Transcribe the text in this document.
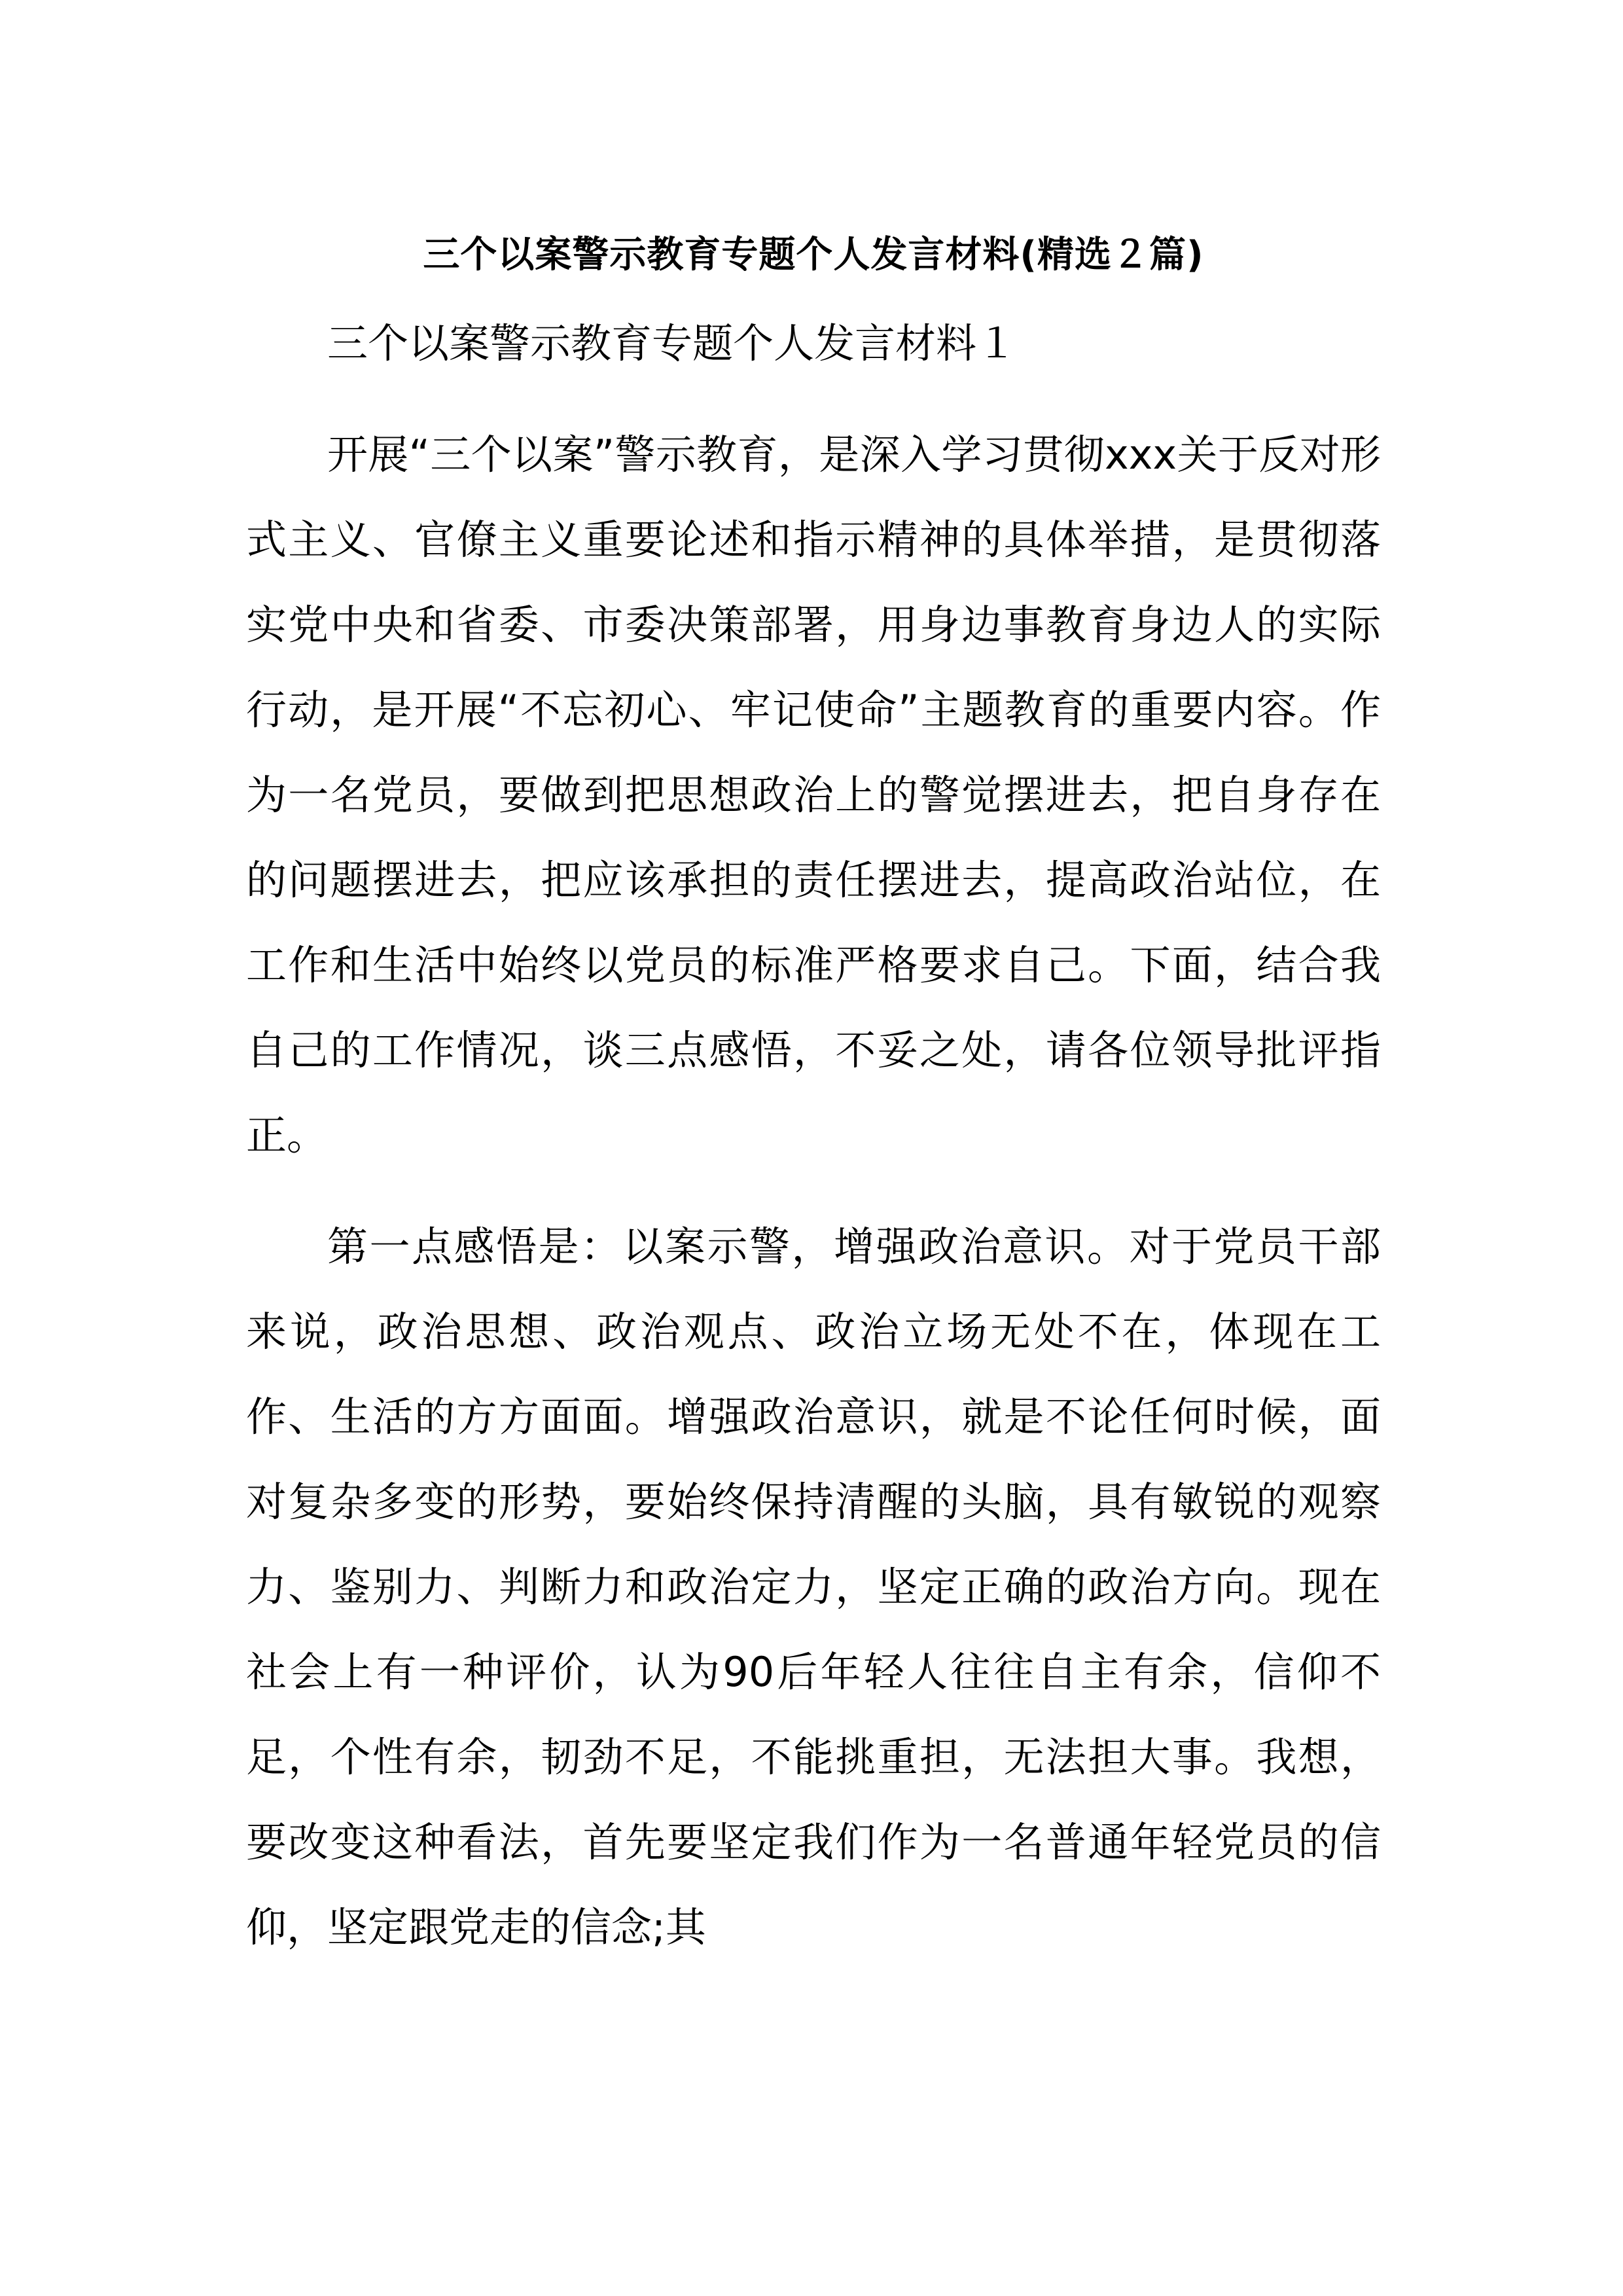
三个以案警示教育专题个人发言材料(精选２篇)

三个以案警示教育专题个人发言材料１

开展“三个以案”警示教育，是深入学习贯彻xxx关于反对形式主义、官僚主义重要论述和指示精神的具体举措，是贯彻落实党中央和省委、市委决策部署，用身边事教育身边人的实际行动，是开展“不忘初心、牢记使命”主题教育的重要内容。作为一名党员，要做到把思想政治上的警觉摆进去，把自身存在的问题摆进去，把应该承担的责任摆进去，提高政治站位，在工作和生活中始终以党员的标准严格要求自己。下面，结合我自己的工作情况，谈三点感悟，不妥之处，请各位领导批评指正。

第一点感悟是：以案示警，增强政治意识。对于党员干部来说，政治思想、政治观点、政治立场无处不在，体现在工作、生活的方方面面。增强政治意识，就是不论任何时候，面对复杂多变的形势，要始终保持清醒的头脑，具有敏锐的观察力、鉴别力、判断力和政治定力，坚定正确的政治方向。现在社会上有一种评价，认为90后年轻人往往自主有余，信仰不足，个性有余，韧劲不足，不能挑重担，无法担大事。我想，要改变这种看法，首先要坚定我们作为一名普通年轻党员的信仰，坚定跟党走的信念;其
